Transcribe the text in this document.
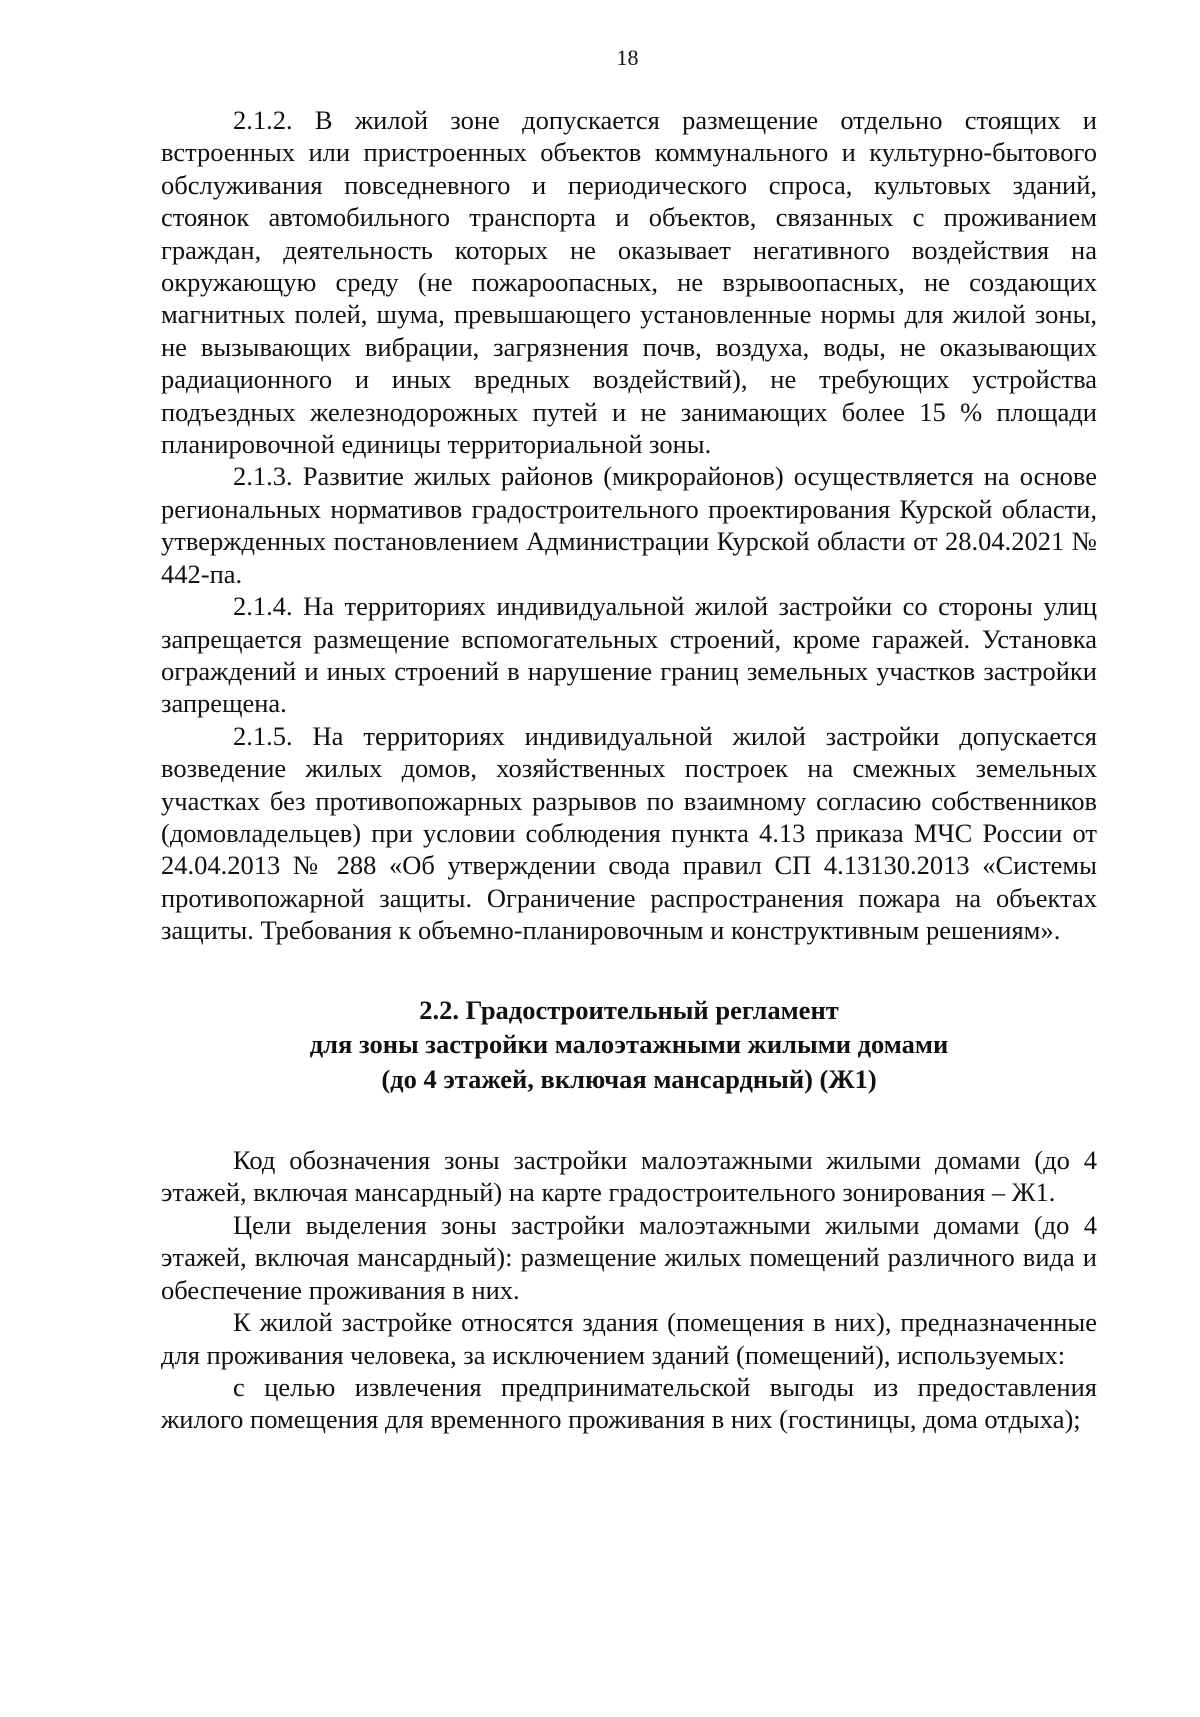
18

2.1.2. В жилой зоне допускается размещение отдельно стоящих и встроенных или пристроенных объектов коммунального и культурно-бытового обслуживания повседневного и периодического спроса, культовых зданий, стоянок автомобильного транспорта и объектов, связанных с проживанием граждан, деятельность которых не оказывает негативного воздействия на окружающую среду (не пожароопасных, не взрывоопасных, не создающих магнитных полей, шума, превышающего установленные нормы для жилой зоны, не вызывающих вибрации, загрязнения почв, воздуха, воды, не оказывающих радиационного и иных вредных воздействий), не требующих устройства подъездных железнодорожных путей и не занимающих более 15 % площади планировочной единицы территориальной зоны.

2.1.3. Развитие жилых районов (микрорайонов) осуществляется на основе региональных нормативов градостроительного проектирования Курской области, утвержденных постановлением Администрации Курской области от 28.04.2021 № 442-па.

2.1.4. На территориях индивидуальной жилой застройки со стороны улиц запрещается размещение вспомогательных строений, кроме гаражей. Установка ограждений и иных строений в нарушение границ земельных участков застройки запрещена.

2.1.5. На территориях индивидуальной жилой застройки допускается возведение жилых домов, хозяйственных построек на смежных земельных участках без противопожарных разрывов по взаимному согласию собственников (домовладельцев) при условии соблюдения пункта 4.13 приказа МЧС России от 24.04.2013 № 288 «Об утверждении свода правил СП 4.13130.2013 «Системы противопожарной защиты. Ограничение распространения пожара на объектах защиты. Требования к объемно-планировочным и конструктивным решениям».

2.2. Градостроительный регламент
для зоны застройки малоэтажными жилыми домами
(до 4 этажей, включая мансардный) (Ж1)

Код обозначения зоны застройки малоэтажными жилыми домами (до 4 этажей, включая мансардный) на карте градостроительного зонирования – Ж1.

Цели выделения зоны застройки малоэтажными жилыми домами (до 4 этажей, включая мансардный): размещение жилых помещений различного вида и обеспечение проживания в них.

К жилой застройке относятся здания (помещения в них), предназначенные для проживания человека, за исключением зданий (помещений), используемых:

с целью извлечения предпринимательской выгоды из предоставления жилого помещения для временного проживания в них (гостиницы, дома отдыха);
